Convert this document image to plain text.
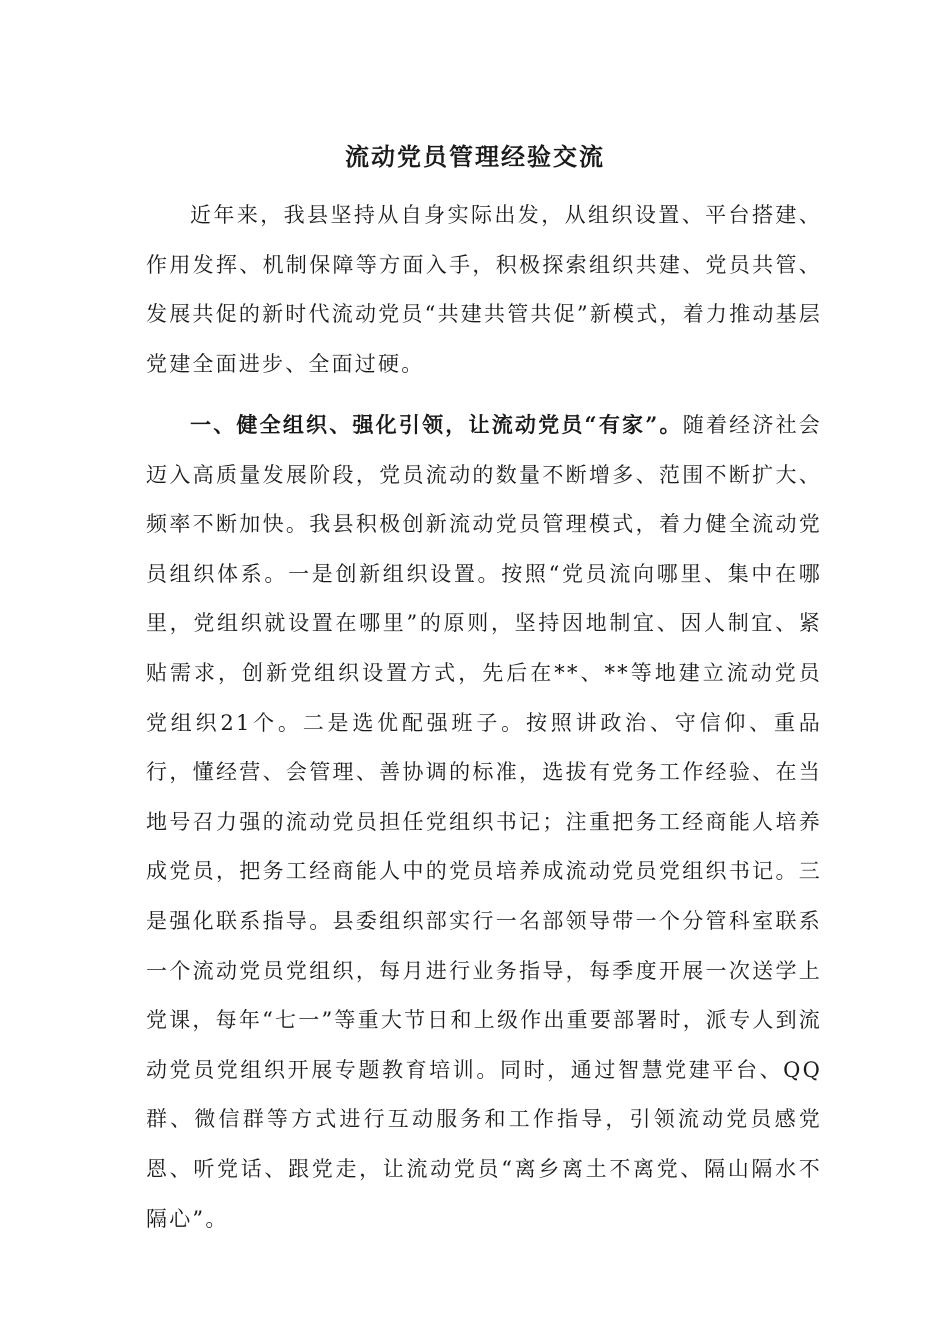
流动党员管理经验交流

近年来，我县坚持从自身实际出发，从组织设置、平台搭建、作用发挥、机制保障等方面入手，积极探索组织共建、党员共管、发展共促的新时代流动党员“共建共管共促”新模式，着力推动基层党建全面进步、全面过硬。

一、健全组织、强化引领，让流动党员“有家”。随着经济社会迈入高质量发展阶段，党员流动的数量不断增多、范围不断扩大、频率不断加快。我县积极创新流动党员管理模式，着力健全流动党员组织体系。一是创新组织设置。按照“党员流向哪里、集中在哪里，党组织就设置在哪里”的原则，坚持因地制宜、因人制宜、紧贴需求，创新党组织设置方式，先后在**、**等地建立流动党员党组织21个。二是选优配强班子。按照讲政治、守信仰、重品行，懂经营、会管理、善协调的标准，选拔有党务工作经验、在当地号召力强的流动党员担任党组织书记；注重把务工经商能人培养成党员，把务工经商能人中的党员培养成流动党员党组织书记。三是强化联系指导。县委组织部实行一名部领导带一个分管科室联系一个流动党员党组织，每月进行业务指导，每季度开展一次送学上党课，每年“七一”等重大节日和上级作出重要部署时，派专人到流动党员党组织开展专题教育培训。同时，通过智慧党建平台、QQ群、微信群等方式进行互动服务和工作指导，引领流动党员感党恩、听党话、跟党走，让流动党员“离乡离土不离党、隔山隔水不隔心”。
